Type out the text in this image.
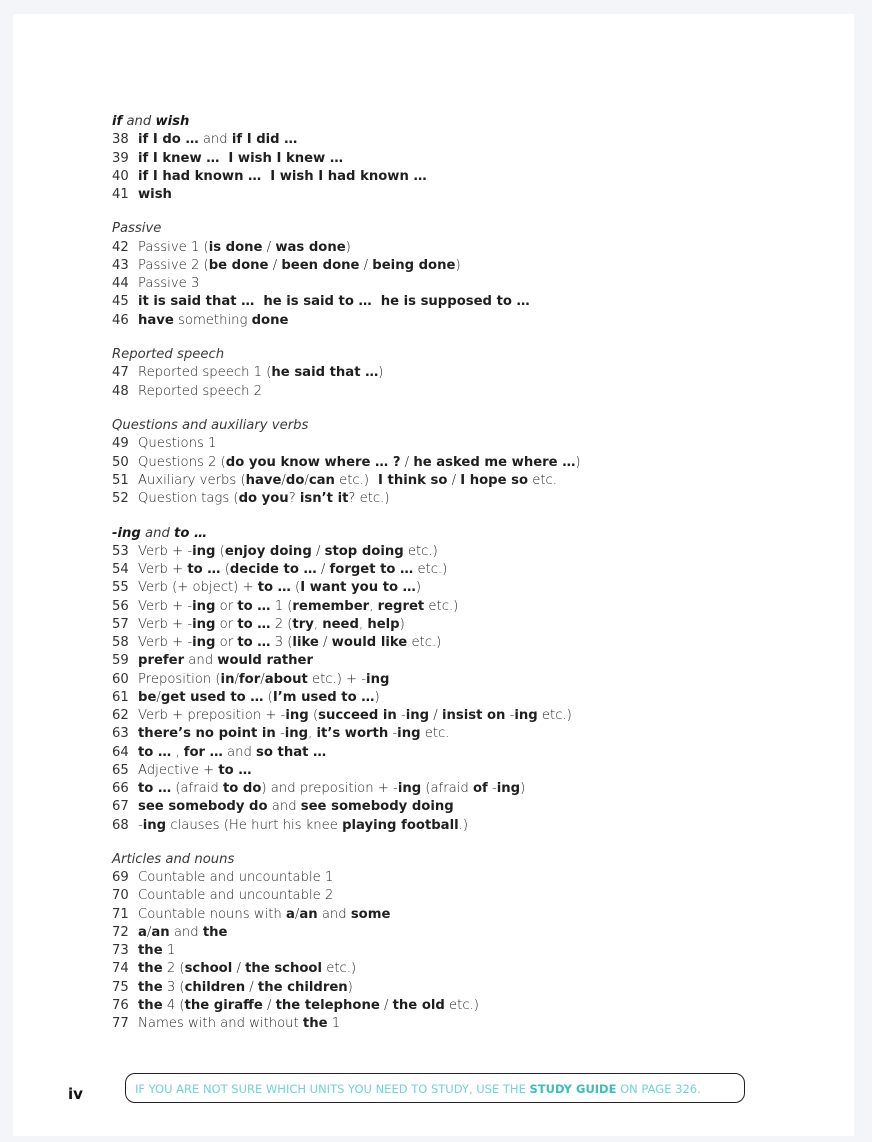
if and wish
38 if I do … and if I did …
39 if I knew … I wish I knew …
40 if I had known … I wish I had known …
41 wish
Passive
42 Passive 1 (is done / was done)
43 Passive 2 (be done / been done / being done)
44 Passive 3
45 it is said that … he is said to … he is supposed to …
46 have something done
Reported speech
47 Reported speech 1 (he said that …)
48 Reported speech 2
Questions and auxiliary verbs
49 Questions 1
50 Questions 2 (do you know where … ? / he asked me where …)
51 Auxiliary verbs (have/do/can etc.) I think so / I hope so etc.
52 Question tags (do you? isn’t it? etc.)
-ing and to …
53 Verb + -ing (enjoy doing / stop doing etc.)
54 Verb + to … (decide to … / forget to … etc.)
55 Verb (+ object) + to … (I want you to …)
56 Verb + -ing or to … 1 (remember, regret etc.)
57 Verb + -ing or to … 2 (try, need, help)
58 Verb + -ing or to … 3 (like / would like etc.)
59 prefer and would rather
60 Preposition (in/for/about etc.) + -ing
61 be/get used to … (I’m used to …)
62 Verb + preposition + -ing (succeed in -ing / insist on -ing etc.)
63 there’s no point in -ing, it’s worth -ing etc.
64 to … , for … and so that …
65 Adjective + to …
66 to … (afraid to do) and preposition + -ing (afraid of -ing)
67 see somebody do and see somebody doing
68 -ing clauses (He hurt his knee playing football.)
Articles and nouns
69 Countable and uncountable 1
70 Countable and uncountable 2
71 Countable nouns with a/an and some
72 a/an and the
73 the 1
74 the 2 (school / the school etc.)
75 the 3 (children / the children)
76 the 4 (the giraffe / the telephone / the old etc.)
77 Names with and without the 1
iv	IF YOU ARE NOT SURE WHICH UNITS YOU NEED TO STUDY, USE THE STUDY GUIDE ON PAGE 326.
